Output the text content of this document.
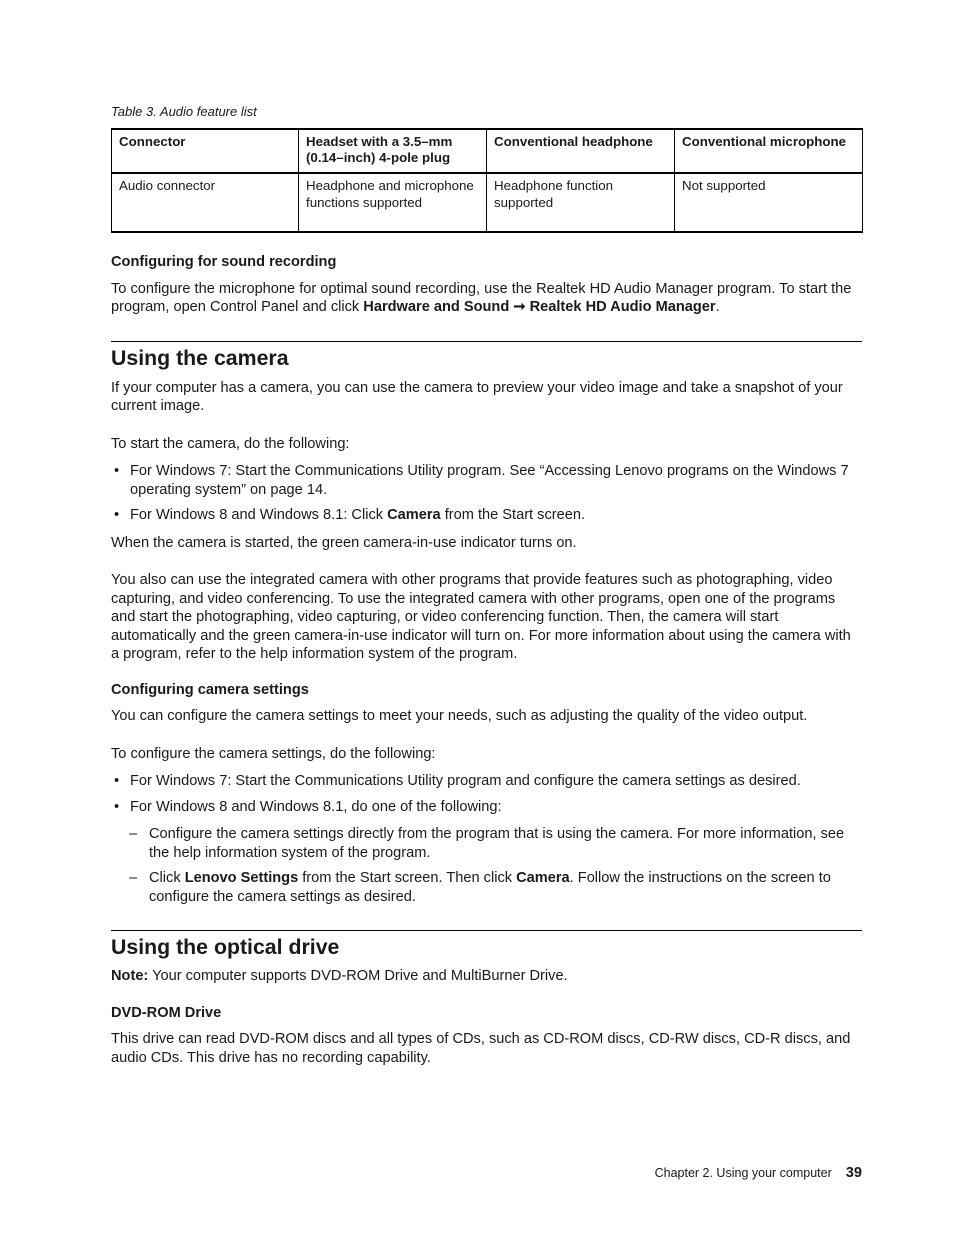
Table 3. Audio feature list

Connector	Headset with a 3.5–mm (0.14–inch) 4-pole plug	Conventional headphone	Conventional microphone
Audio connector	Headphone and microphone functions supported	Headphone function supported	Not supported
Configuring for sound recording

To configure the microphone for optimal sound recording, use the Realtek HD Audio Manager program. To start the program, open Control Panel and click Hardware and Sound ➞ Realtek HD Audio Manager.

Using the camera

If your computer has a camera, you can use the camera to preview your video image and take a snapshot of your current image.

To start the camera, do the following:

• For Windows 7: Start the Communications Utility program. See “Accessing Lenovo programs on the Windows 7 operating system” on page 14.
• For Windows 8 and Windows 8.1: Click Camera from the Start screen.

When the camera is started, the green camera-in-use indicator turns on.

You also can use the integrated camera with other programs that provide features such as photographing, video capturing, and video conferencing. To use the integrated camera with other programs, open one of the programs and start the photographing, video capturing, or video conferencing function. Then, the camera will start automatically and the green camera-in-use indicator will turn on. For more information about using the camera with a program, refer to the help information system of the program.

Configuring camera settings

You can configure the camera settings to meet your needs, such as adjusting the quality of the video output.

To configure the camera settings, do the following:

• For Windows 7: Start the Communications Utility program and configure the camera settings as desired.
• For Windows 8 and Windows 8.1, do one of the following:
– Configure the camera settings directly from the program that is using the camera. For more information, see the help information system of the program.
– Click Lenovo Settings from the Start screen. Then click Camera. Follow the instructions on the screen to configure the camera settings as desired.
Using the optical drive

Note: Your computer supports DVD-ROM Drive and MultiBurner Drive.

DVD-ROM Drive

This drive can read DVD-ROM discs and all types of CDs, such as CD-ROM discs, CD-RW discs, CD-R discs, and audio CDs. This drive has no recording capability.

Chapter 2. Using your computer 39
